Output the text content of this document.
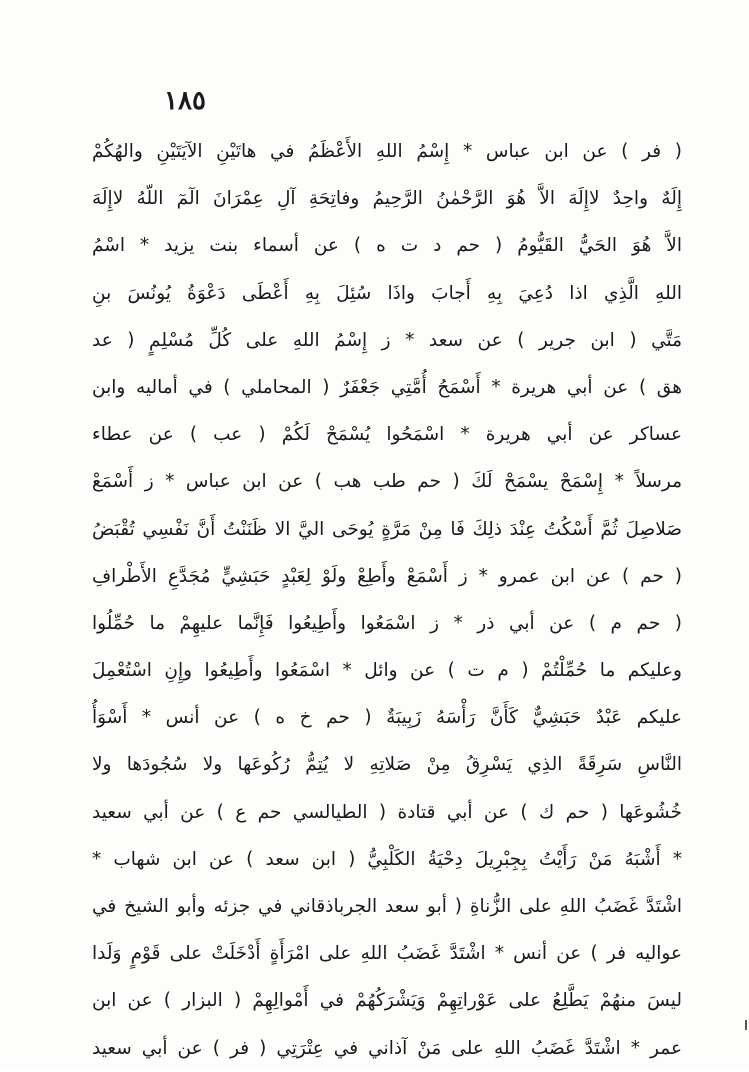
١٨٥
( فر ) عن ابن عباس * إِسْمُ اللهِ الأَعْظَمُ في هاتَيْنِ الآيَتَيْنِ والهُكُمْ
إِلَهٌ واحِدٌ لاإِلَهَ الاَّ هُوَ الرَّحْمٰنُ الرَّحِيمُ وفاتِحَةِ آلِ عِمْرَانَ الٓمٓ اللّهُ لاإِلَهَ
الاَّ هُوَ الحَيُّ القَيُّومُ ( حم د ت ه ) عن أسماء بنت يزيد * اسْمُ
اللهِ الَّذِي اذا دُعِيَ بِهِ أَجابَ واذَا سُئِلَ بِهِ أَعْطَى دَعْوَةُ يُونُسَ بنِ
مَتَّي ( ابن جرير ) عن سعد * ز إِسْمُ اللهِ على كُلِّ مُسْلِمٍ ( عد
هق ) عن أبي هريرة * أَسْمَحُ أُمَّتِي جَعْفَرٌ ( المحاملي ) في أماليه وابن
عساكر عن أبي هريرة * اسْمَحُوا يُسْمَحْ لَكُمْ ( عب ) عن عطاء
مرسلاً * إِسْمَحْ يسْمَحْ لَكَ ( حم طب هب ) عن ابن عباس * ز أَسْمَعْ
صَلاصِلَ ثُمَّ أَسْكُتُ عِنْدَ ذلِكَ فَا مِنْ مَرَّةٍ يُوحَى اليَّ الا ظَنَنْتُ أَنَّ نَفْسِي تُقْبَضُ
( حم ) عن ابن عمرو * ز أَسْمَعْ وأَطِعْ ولَوْ لِعَبْدٍ حَبَشِيٍّ مُجَدَّعِ الأَطْرافِ
( حم م ) عن أبي ذر * ز اسْمَعُوا وأَطِيعُوا فَإِنَّما عليهِمْ ما حُمِّلُوا
وعليكم ما حُمِّلْتُمْ ( م ت ) عن وائل * اسْمَعُوا وأَطِيعُوا وإِنِ اسْتُعْمِلَ
عليكم عَبْدٌ حَبَشِيٌّ كَأَنَّ رَأْسَهُ زَبِيبَةٌ ( حم خ ه ) عن أنس * أَسْوَأُ
النَّاسِ سَرِقَةً الذِي يَسْرِقُ مِنْ صَلاتِهِ لا يُتِمُّ رُكُوعَها ولا سُجُودَها ولا
خُشُوعَها ( حم ك ) عن أبي قتادة ( الطيالسي حم ع ) عن أبي سعيد
* أَشْبَهُ مَنْ رَأَيْتُ بِجِبْرِيلَ دِحْيَةُ الكَلْبِيُّ ( ابن سعد ) عن ابن شهاب *
اشْتَدَّ غَضَبُ اللهِ على الزُّناةِ ( أبو سعد الجرباذقاني في جزئه وأبو الشيخ في
عواليه فر ) عن أنس * اشْتَدَّ غَضَبُ اللهِ على امْرَأَةٍ أَدْخَلَتْ على قَوْمٍ وَلَدا
ليسَ منهُمْ يَطَّلِعُ على عَوْراتِهِمْ وَيَشْرَكُهُمْ في أَمْوالِهِمْ ( البزار ) عن ابن
عمر * اشْتَدَّ غَضَبُ اللهِ على مَنْ آذاني في عِتْرَتِي ( فر ) عن أبي سعيد
